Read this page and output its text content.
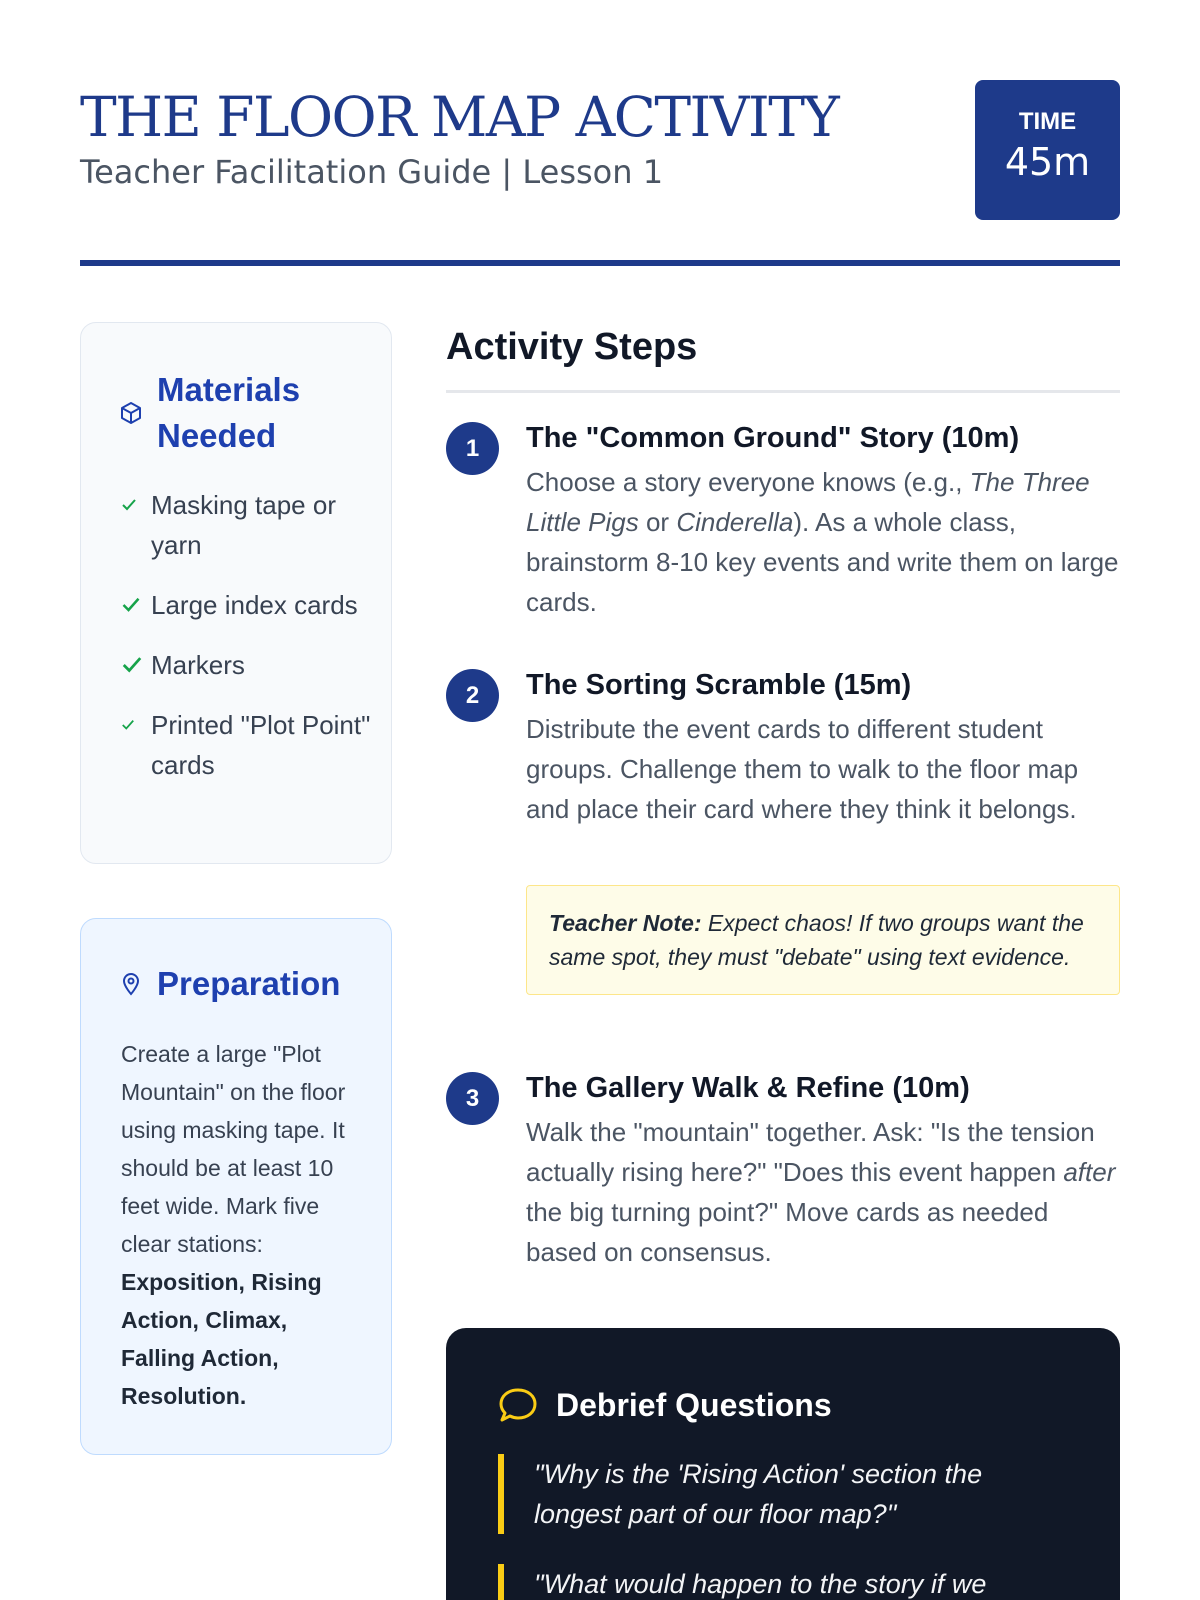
THE FLOOR MAP ACTIVITY
Teacher Facilitation Guide | Lesson 1
TIME
45m
Materials Needed
Masking tape or yarn
Large index cards
Markers
Printed "Plot Point" cards
Preparation
Create a large "Plot Mountain" on the floor using masking tape. It should be at least 10 feet wide. Mark five clear stations: Exposition, Rising Action, Climax, Falling Action, Resolution.
Activity Steps
1	The "Common Ground" Story (10m)
Choose a story everyone knows (e.g., The Three Little Pigs or Cinderella). As a whole class, brainstorm 8-10 key events and write them on large cards.
2	The Sorting Scramble (15m)
Distribute the event cards to different student groups. Challenge them to walk to the floor map and place their card where they think it belongs.
Teacher Note: Expect chaos! If two groups want the same spot, they must "debate" using text evidence.
3	The Gallery Walk & Refine (10m)
Walk the "mountain" together. Ask: "Is the tension actually rising here?" "Does this event happen after the big turning point?" Move cards as needed based on consensus.
Debrief Questions
"Why is the 'Rising Action' section the longest part of our floor map?"
"What would happen to the story if we
